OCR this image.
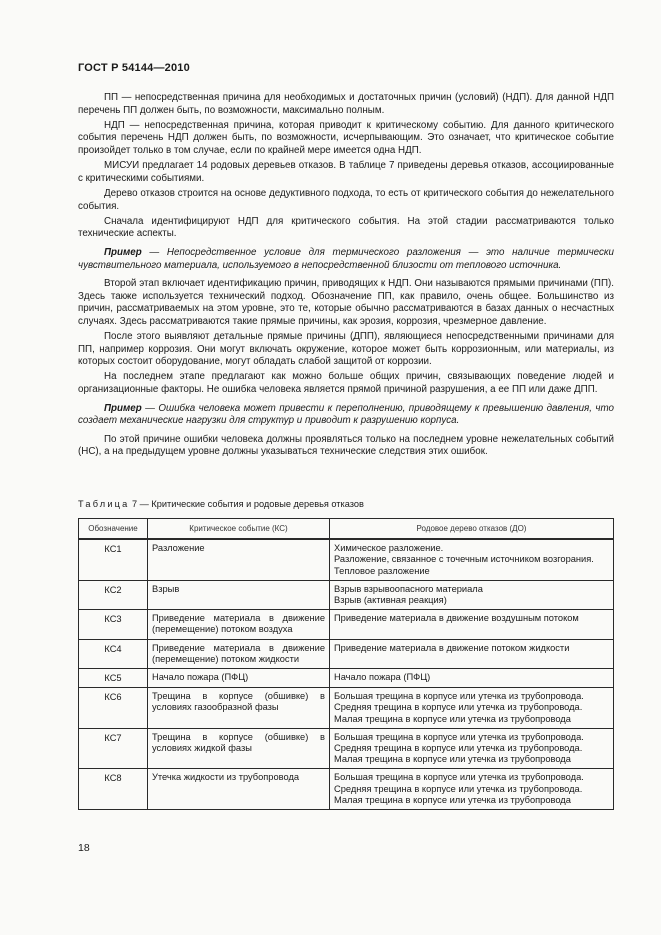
ГОСТ Р 54144—2010

ПП — непосредственная причина для необходимых и достаточных причин (условий) (НДП). Для данной НДП перечень ПП должен быть, по возможности, максимально полным.

НДП — непосредственная причина, которая приводит к критическому событию. Для данного критического события перечень НДП должен быть, по возможности, исчерпывающим. Это означает, что критическое событие произойдет только в том случае, если по крайней мере имеется одна НДП.

МИСУИ предлагает 14 родовых деревьев отказов. В таблице 7 приведены деревья отказов, ассоциированные с критическими событиями.

Дерево отказов строится на основе дедуктивного подхода, то есть от критического события до нежелательного события.

Сначала идентифицируют НДП для критического события. На этой стадии рассматриваются только технические аспекты.

Пример — Непосредственное условие для термического разложения — это наличие термически чувствительного материала, используемого в непосредственной близости от теплового источника.

Второй этап включает идентификацию причин, приводящих к НДП. Они называются прямыми причинами (ПП). Здесь также используется технический подход. Обозначение ПП, как правило, очень общее. Большинство из причин, рассматриваемых на этом уровне, это те, которые обычно рассматриваются в базах данных о несчастных случаях. Здесь рассматриваются такие прямые причины, как эрозия, коррозия, чрезмерное давление.

После этого выявляют детальные прямые причины (ДПП), являющиеся непосредственными причинами для ПП, например коррозия. Они могут включать окружение, которое может быть коррозионным, или материалы, из которых состоит оборудование, могут обладать слабой защитой от коррозии.

На последнем этапе предлагают как можно больше общих причин, связывающих поведение людей и организационные факторы. Не ошибка человека является прямой причиной разрушения, а ее ПП или даже ДПП.

Пример — Ошибка человека может привести к переполнению, приводящему к превышению давления, что создает механические нагрузки для структур и приводит к разрушению корпуса.

По этой причине ошибки человека должны проявляться только на последнем уровне нежелательных событий (НС), а на предыдущем уровне должны указываться технические следствия этих ошибок.

Таблица 7 — Критические события и родовые деревья отказов
Обозначение	Критическое событие (КС)	Родовое дерево отказов (ДО)
КС1	Разложение	Химическое разложение.
Разложение, связанное с точечным источником возгорания.
Тепловое разложение

КС2	Взрыв	Взрыв взрывоопасного материала
Взрыв (активная реакция)

КС3	Приведение материала в движение (перемещение) потоком воздуха	Приведение материала в движение воздушным потоком

КС4	Приведение материала в движение (перемещение) потоком жидкости	Приведение материала в движение потоком жидкости

КС5	Начало пожара (ПФЦ)	Начало пожара (ПФЦ)

КС6	Трещина в корпусе (обшивке) в условиях газообразной фазы	Большая трещина в корпусе или утечка из трубопровода.
Средняя трещина в корпусе или утечка из трубопровода.
Малая трещина в корпусе или утечка из трубопровода

КС7	Трещина в корпусе (обшивке) в условиях жидкой фазы	Большая трещина в корпусе или утечка из трубопровода.
Средняя трещина в корпусе или утечка из трубопровода.
Малая трещина в корпусе или утечка из трубопровода

КС8	Утечка жидкости из трубопровода	Большая трещина в корпусе или утечка из трубопровода.
Средняя трещина в корпусе или утечка из трубопровода.
Малая трещина в корпусе или утечка из трубопровода
18
